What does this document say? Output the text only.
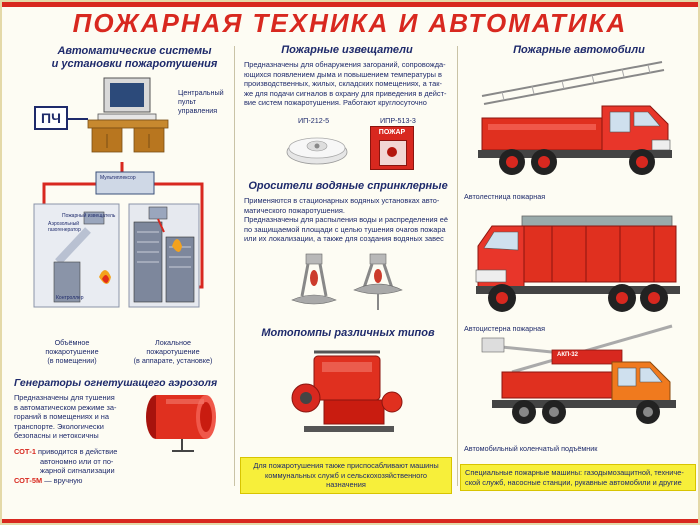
ПОЖАРНАЯ ТЕХНИКА И АВТОМАТИКА
Автоматические системы
и установки пожаротушения
ПЧ
Центральный
пульт
управления
Мультиплексор
Пожарный извещатель
Аэрозольный
газогенератор
Контроллер
Объёмное
пожаротушение
(в помещении)
Локальное
пожаротушение
(в аппарате, установке)
Генераторы огнетушащего аэрозоля
Предназначены для тушения
в автоматическом режиме за-
гораний в помещениях и на
транспорте. Экологически
безопасны и нетоксичны
СОТ-1 приводится в действие
автономно или от по-
жарной сигнализации
СОТ-5М — вручную
Пожарные извещатели
Предназначены для обнаружения загораний, сопровожда-
ющихся появлением дыма и повышением температуры в
производственных, жилых, складских помещениях, а так-
же для подачи сигналов в охрану для приведения в дейст-
вие систем пожаротушения. Работают круглосуточно
ИП-212-5	ИПР-513-3
ПОЖАР
Оросители водяные спринклерные
Применяются в стационарных водяных установках авто-
матического пожаротушения.
Предназначены для распыления воды и распределения её
по защищаемой площади с целью тушения очагов пожара
или их локализации, а также для создания водяных завес
Мотопомпы различных типов
Для пожаротушения также приспосабливают машины
коммунальных служб и сельскохозяйственного
назначения
Пожарные автомобили
Автолестница пожарная
Автоцистерна пожарная
АКП-32
Автомобильный коленчатый подъёмник
Специальные пожарные машины: газодымозащитной, техниче-
ской служб, насосные станции, рукавные автомобили и другие
